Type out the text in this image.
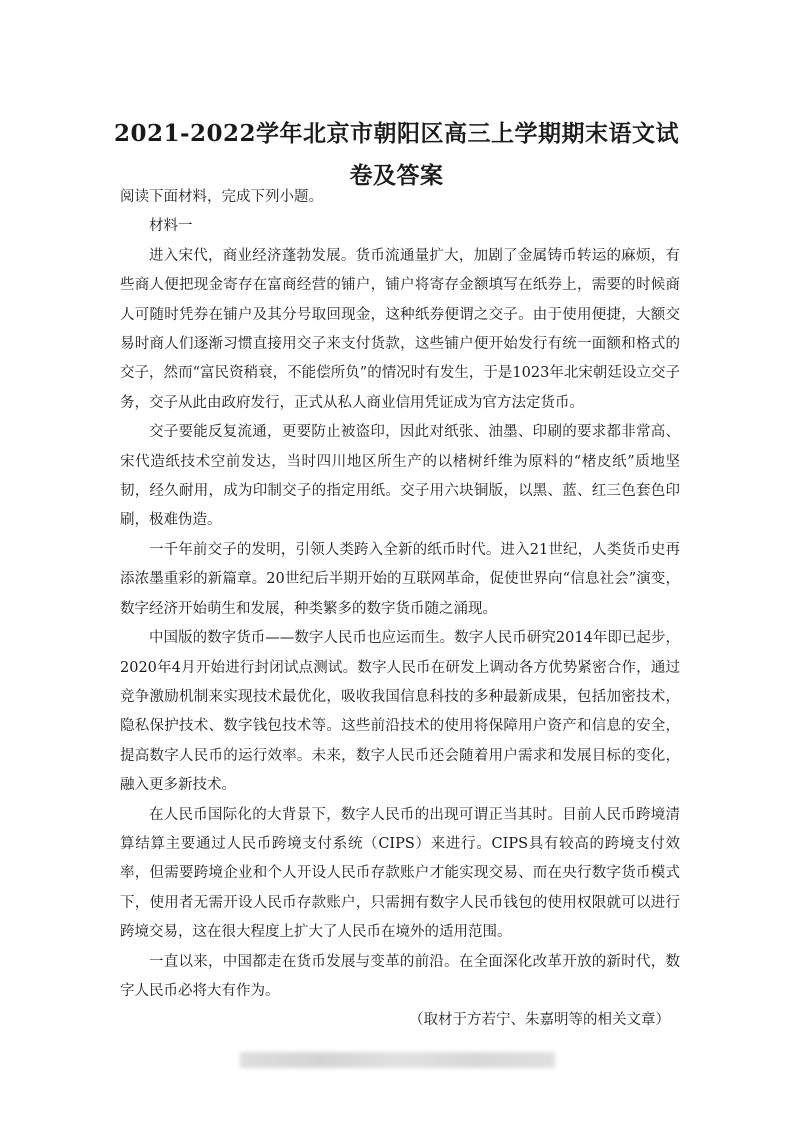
2021-2022学年北京市朝阳区高三上学期期末语文试卷及答案

阅读下面材料，完成下列小题。

材料一

进入宋代，商业经济蓬勃发展。货币流通量扩大，加剧了金属铸币转运的麻烦，有些商人便把现金寄存在富商经营的铺户，铺户将寄存金额填写在纸券上，需要的时候商人可随时凭券在铺户及其分号取回现金，这种纸券便谓之交子。由于使用便捷，大额交易时商人们逐渐习惯直接用交子来支付货款，这些铺户便开始发行有统一面额和格式的交子，然而“富民资稍衰，不能偿所负”的情况时有发生，于是1023年北宋朝廷设立交子务，交子从此由政府发行，正式从私人商业信用凭证成为官方法定货币。

交子要能反复流通，更要防止被盗印，因此对纸张、油墨、印刷的要求都非常高、宋代造纸技术空前发达，当时四川地区所生产的以楮树纤维为原料的“楮皮纸”质地坚韧，经久耐用，成为印制交子的指定用纸。交子用六块铜版，以黑、蓝、红三色套色印刷，极难伪造。

一千年前交子的发明，引领人类跨入全新的纸币时代。进入21世纪，人类货币史再添浓墨重彩的新篇章。20世纪后半期开始的互联网革命，促使世界向“信息社会”演变，数字经济开始萌生和发展，种类繁多的数字货币随之涌现。

中国版的数字货币——数字人民币也应运而生。数字人民币研究2014年即已起步，2020年4月开始进行封闭试点测试。数字人民币在研发上调动各方优势紧密合作，通过竞争激励机制来实现技术最优化，吸收我国信息科技的多种最新成果，包括加密技术，隐私保护技术、数字钱包技术等。这些前沿技术的使用将保障用户资产和信息的安全，提高数字人民币的运行效率。未来，数字人民币还会随着用户需求和发展目标的变化，融入更多新技术。

在人民币国际化的大背景下，数字人民币的出现可谓正当其时。目前人民币跨境清算结算主要通过人民币跨境支付系统（CIPS）来进行。CIPS具有较高的跨境支付效率，但需要跨境企业和个人开设人民币存款账户才能实现交易、而在央行数字货币模式下，使用者无需开设人民币存款账户，只需拥有数字人民币钱包的使用权限就可以进行跨境交易，这在很大程度上扩大了人民币在境外的适用范围。

一直以来，中国都走在货币发展与变革的前沿。在全面深化改革开放的新时代，数字人民币必将大有作为。

（取材于方若宁、朱嘉明等的相关文章）
